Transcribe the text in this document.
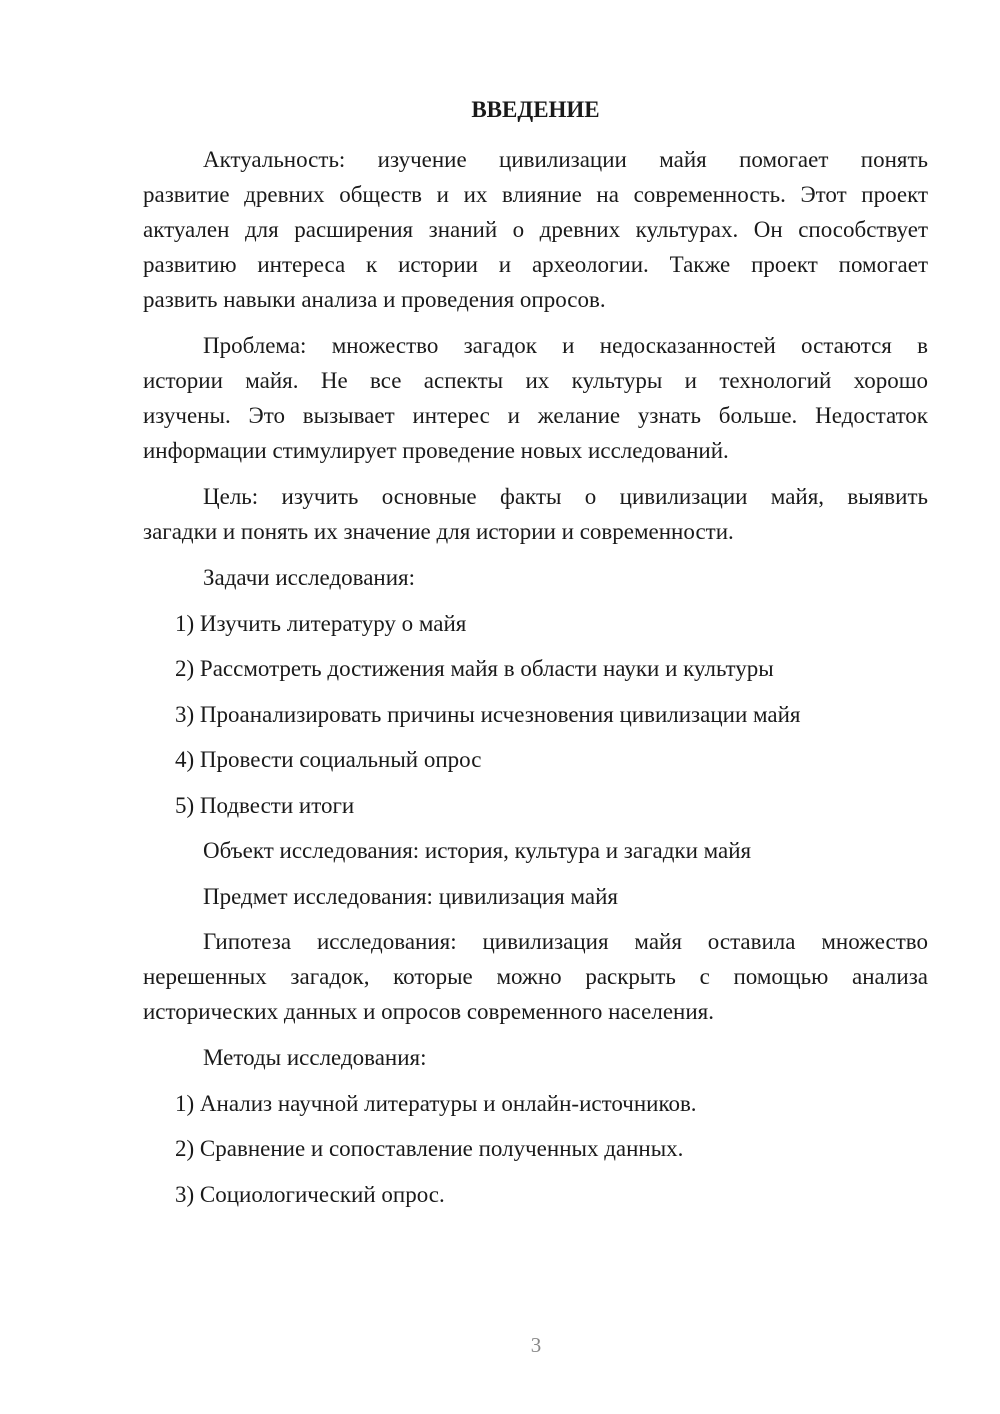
ВВЕДЕНИЕ
Актуальность: изучение цивилизации майя помогает понять
развитие древних обществ и их влияние на современность. Этот проект
актуален для расширения знаний о древних культурах. Он способствует
развитию интереса к истории и археологии. Также проект помогает
развить навыки анализа и проведения опросов.
Проблема: множество загадок и недосказанностей остаются в
истории майя. Не все аспекты их культуры и технологий хорошо
изучены. Это вызывает интерес и желание узнать больше. Недостаток
информации стимулирует проведение новых исследований.
Цель: изучить основные факты о цивилизации майя, выявить
загадки и понять их значение для истории и современности.
Задачи исследования:
1) Изучить литературу о майя
2) Рассмотреть достижения майя в области науки и культуры
3) Проанализировать причины исчезновения цивилизации майя
4) Провести социальный опрос
5) Подвести итоги
Объект исследования: история, культура и загадки майя
Предмет исследования: цивилизация майя
Гипотеза исследования: цивилизация майя оставила множество
нерешенных загадок, которые можно раскрыть с помощью анализа
исторических данных и опросов современного населения.
Методы исследования:
1) Анализ научной литературы и онлайн-источников.
2) Сравнение и сопоставление полученных данных.
3) Социологический опрос.
3
